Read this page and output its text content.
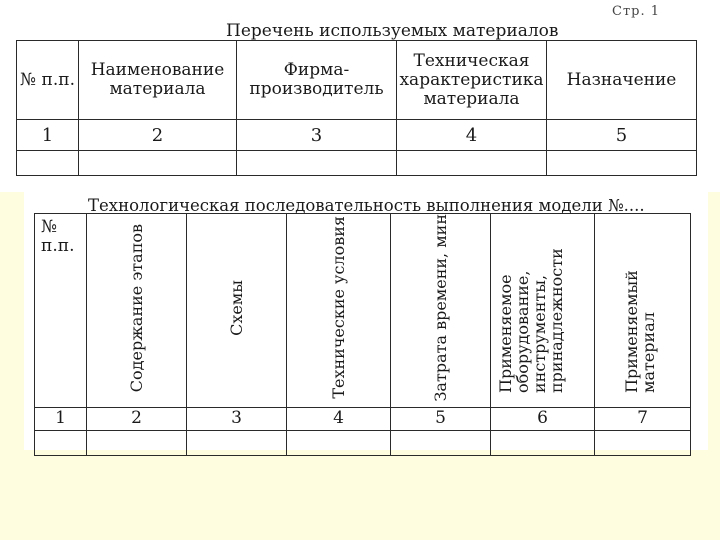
Стр. 1
Перечень используемых материалов
№ п.п.	Наименование материала	Фирма-производитель	Техническая характеристика материала	Назначение
1	2	3	4	5

Технологическая последовательность выполнения модели №....
№ п.п.	Содержание этапов	Схемы	Технические условия	Затрата времени, мин	Применяемое оборудование, инструменты, принадлежности	Применяемый материал
1	2	3	4	5	6	7
